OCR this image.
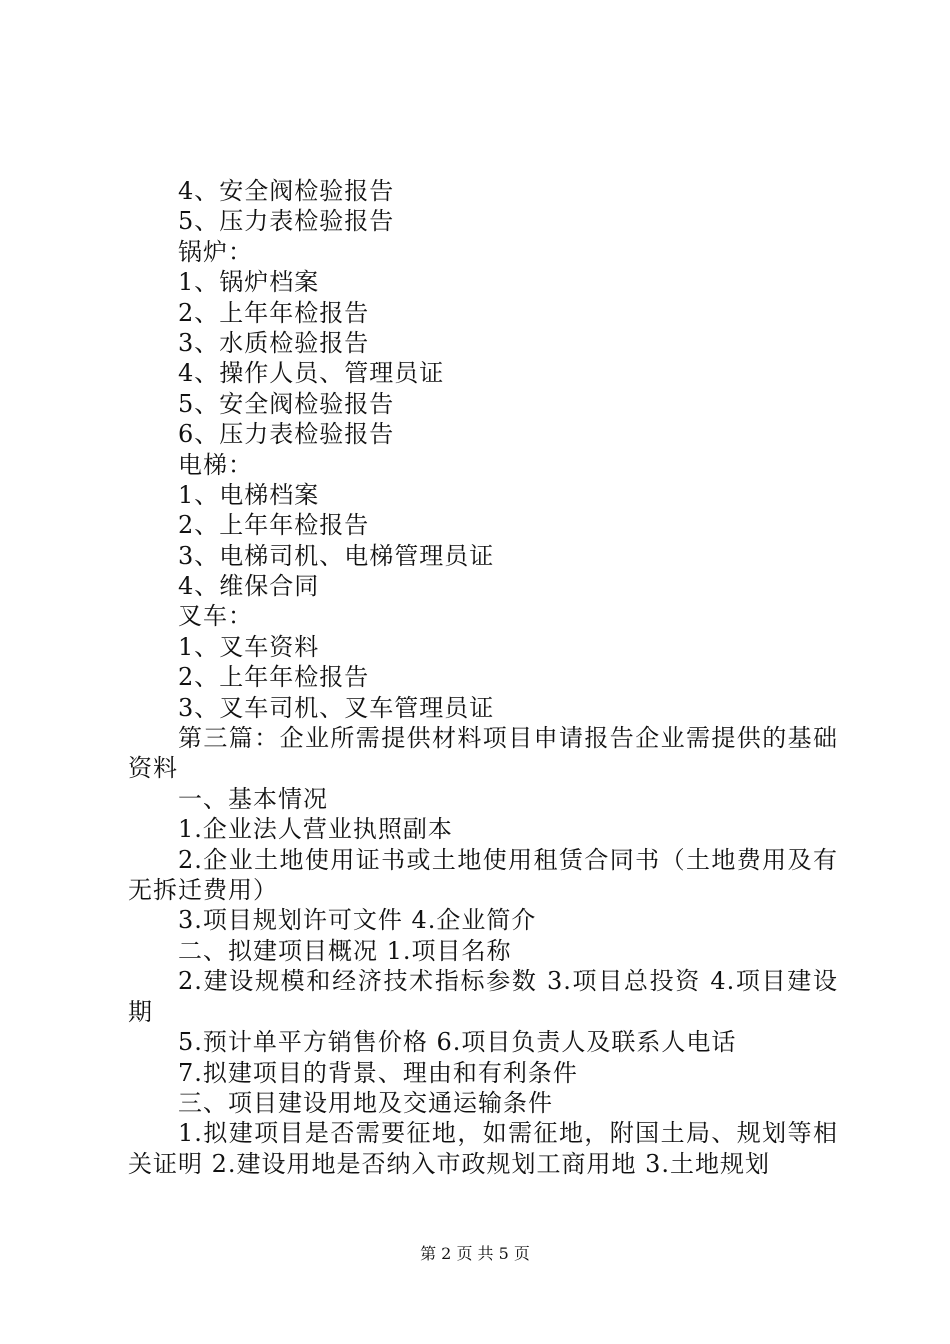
4、安全阀检验报告
5、压力表检验报告
锅炉：
1、锅炉档案
2、上年年检报告
3、水质检验报告
4、操作人员、管理员证
5、安全阀检验报告
6、压力表检验报告
电梯：
1、电梯档案
2、上年年检报告
3、电梯司机、电梯管理员证
4、维保合同
叉车：
1、叉车资料
2、上年年检报告
3、叉车司机、叉车管理员证

第三篇：企业所需提供材料项目申请报告企业需提供的基础资料

一、基本情况

1.企业法人营业执照副本

2.企业土地使用证书或土地使用租赁合同书（土地费用及有无拆迁费用）

3.项目规划许可文件 4.企业简介

二、拟建项目概况 1.项目名称

2.建设规模和经济技术指标参数 3.项目总投资 4.项目建设期

5.预计单平方销售价格 6.项目负责人及联系人电话

7.拟建项目的背景、理由和有利条件

三、项目建设用地及交通运输条件

1.拟建项目是否需要征地，如需征地，附国土局、规划等相关证明 2.建设用地是否纳入市政规划工商用地 3.土地规划

第 2 页 共 5 页
